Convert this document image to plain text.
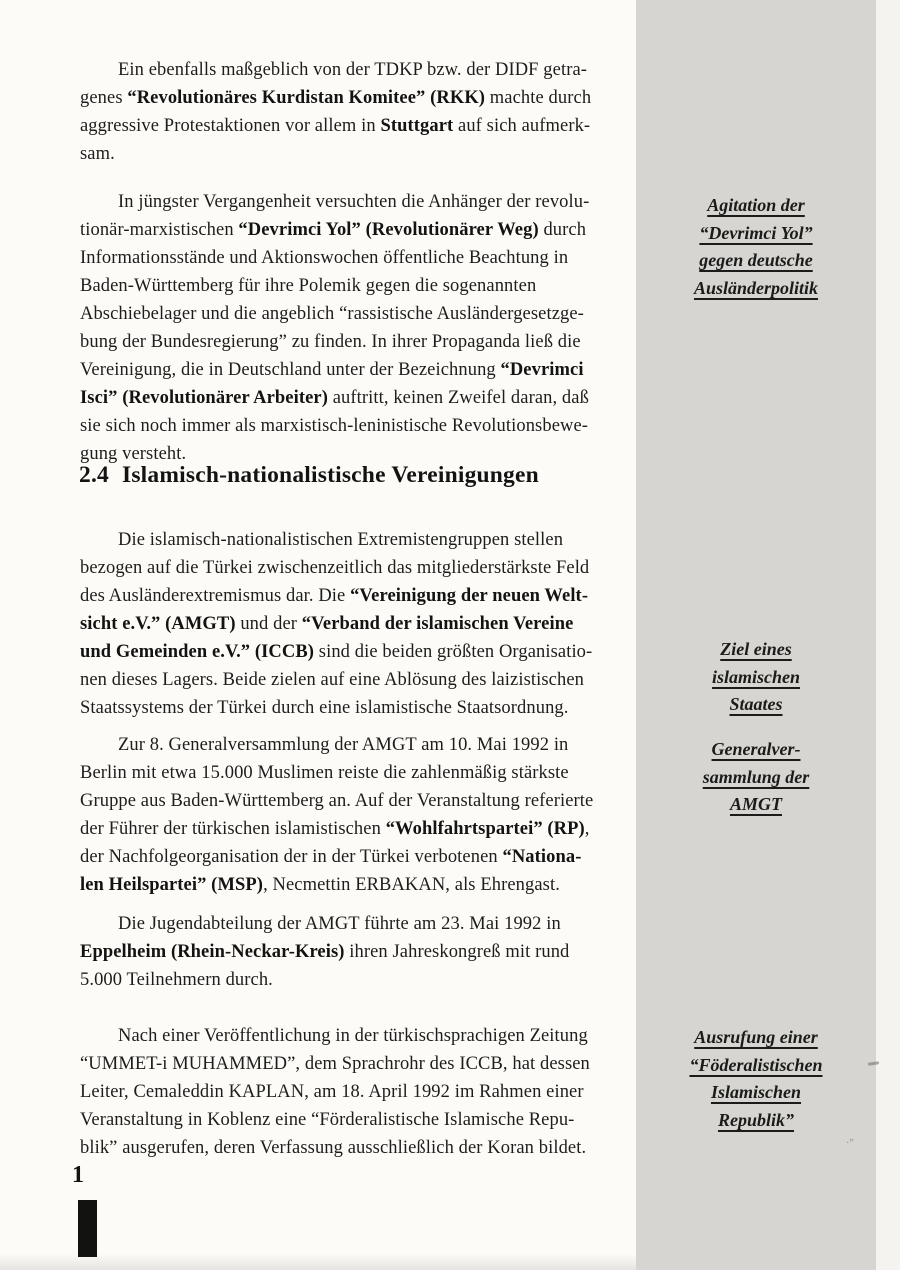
Ein ebenfalls maßgeblich von der TDKP bzw. der DIDF getra-
genes “Revolutionäres Kurdistan Komitee” (RKK) machte durch
aggressive Protestaktionen vor allem in Stuttgart auf sich aufmerk-
sam.
In jüngster Vergangenheit versuchten die Anhänger der revolu-
tionär-marxistischen “Devrimci Yol” (Revolutionärer Weg) durch
Informationsstände und Aktionswochen öffentliche Beachtung in
Baden-Württemberg für ihre Polemik gegen die sogenannten
Abschiebelager und die angeblich “rassistische Ausländergesetzge-
bung der Bundesregierung” zu finden. In ihrer Propaganda ließ die
Vereinigung, die in Deutschland unter der Bezeichnung “Devrimci
Isci” (Revolutionärer Arbeiter) auftritt, keinen Zweifel daran, daß
sie sich noch immer als marxistisch-leninistische Revolutionsbewe-
gung versteht.
2.4 Islamisch-nationalistische Vereinigungen
Die islamisch-nationalistischen Extremistengruppen stellen
bezogen auf die Türkei zwischenzeitlich das mitgliederstärkste Feld
des Ausländerextremismus dar. Die “Vereinigung der neuen Welt-
sicht e.V.” (AMGT) und der “Verband der islamischen Vereine
und Gemeinden e.V.” (ICCB) sind die beiden größten Organisatio-
nen dieses Lagers. Beide zielen auf eine Ablösung des laizistischen
Staatssystems der Türkei durch eine islamistische Staatsordnung.
Zur 8. Generalversammlung der AMGT am 10. Mai 1992 in
Berlin mit etwa 15.000 Muslimen reiste die zahlenmäßig stärkste
Gruppe aus Baden-Württemberg an. Auf der Veranstaltung referierte
der Führer der türkischen islamistischen “Wohlfahrtspartei” (RP),
der Nachfolgeorganisation der in der Türkei verbotenen “Nationa-
len Heilspartei” (MSP), Necmettin ERBAKAN, als Ehrengast.
Die Jugendabteilung der AMGT führte am 23. Mai 1992 in
Eppelheim (Rhein-Neckar-Kreis) ihren Jahreskongreß mit rund
5.000 Teilnehmern durch.
Nach einer Veröffentlichung in der türkischsprachigen Zeitung
“UMMET-i MUHAMMED”, dem Sprachrohr des ICCB, hat dessen
Leiter, Cemaleddin KAPLAN, am 18. April 1992 im Rahmen einer
Veranstaltung in Koblenz eine “Förderalistische Islamische Repu-
blik” ausgerufen, deren Verfassung ausschließlich der Koran bildet.
Agitation der
“Devrimci Yol”
gegen deutsche
Ausländerpolitik
Ziel eines
islamischen
Staates
Generalver-
sammlung der
AMGT
Ausrufung einer
“Föderalistischen
Islamischen
Republik”
1
